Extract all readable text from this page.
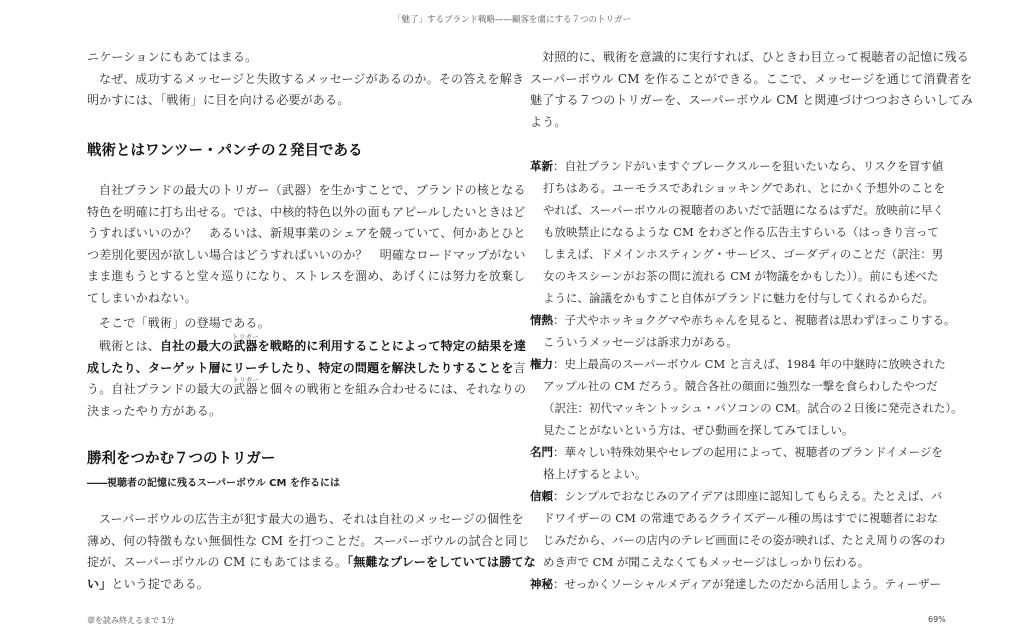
「魅了」するブランド戦略——顧客を虜にする７つのトリガー
ニケーションにもあてはまる。
なぜ、成功するメッセージと失敗するメッセージがあるのか。その答えを解き
明かすには、「戦術」に目を向ける必要がある。
戦術とはワンツー・パンチの２発目である
自社ブランドの最大のトリガー（武器）を生かすことで、ブランドの核となる
特色を明確に打ち出せる。では、中核的特色以外の面もアピールしたいときはど
うすればいいのか？　あるいは、新規事業のシェアを競っていて、何かあとひと
つ差別化要因が欲しい場合はどうすればいいのか？　明確なロードマップがない
まま進もうとすると堂々巡りになり、ストレスを溜め、あげくには努力を放棄し
てしまいかねない。
そこで「戦術」の登場である。
戦術とは、自社の最大の武器
トリガー
を戦略的に利用することによって特定の結果を達
成したり、ターゲット層にリーチしたり、特定の問題を解決したりすることを言
う。自社ブランドの最大の武器
トリガー
と個々の戦術とを組み合わせるには、それなりの
決まったやり方がある。
勝利をつかむ７つのトリガー
――視聴者の記憶に残るスーパーボウル CM を作るには
スーパーボウルの広告主が犯す最大の過ち、それは自社のメッセージの個性を
薄め、何の特徴もない無個性な CM を打つことだ。スーパーボウルの試合と同じ
掟が、スーパーボウルの CM にもあてはまる。「無難なプレーをしていては勝てな
い」という掟である。
対照的に、戦術を意識的に実行すれば、ひときわ目立って視聴者の記憶に残る
スーパーボウル CM を作ることができる。ここで、メッセージを通じて消費者を
魅了する７つのトリガーを、スーパーボウル CM と関連づけつつおさらいしてみ
よう。
革新：自社ブランドがいますぐブレークスルーを狙いたいなら、リスクを冒す値
打ちはある。ユーモラスであれショッキングであれ、とにかく予想外のことを
やれば、スーパーボウルの視聴者のあいだで話題になるはずだ。放映前に早く
も放映禁止になるような CM をわざと作る広告主すらいる（はっきり言って
しまえば、ドメインホスティング・サービス、ゴーダディのことだ（訳注：男
女のキスシーンがお茶の間に流れる CM が物議をかもした））。前にも述べた
ように、論議をかもすこと自体がブランドに魅力を付与してくれるからだ。
情熱：子犬やホッキョクグマや赤ちゃんを見ると、視聴者は思わずほっこりする。
こういうメッセージは訴求力がある。
権力：史上最高のスーパーボウル CM と言えば、1984 年の中継時に放映された
アップル社の CM だろう。競合各社の顔面に強烈な一撃を食らわしたやつだ
（訳注：初代マッキントッシュ・パソコンの CM。試合の２日後に発売された）。
見たことがないという方は、ぜひ動画を探してみてほしい。
名門：華々しい特殊効果やセレブの起用によって、視聴者のブランドイメージを
格上げするとよい。
信頼：シンプルでおなじみのアイデアは即座に認知してもらえる。たとえば、バ
ドワイザーの CM の常連であるクライズデール種の馬はすでに視聴者におな
じみだから、バーの店内のテレビ画面にその姿が映れば、たとえ周りの客のわ
めき声で CM が聞こえなくてもメッセージはしっかり伝わる。
神秘：せっかくソーシャルメディアが発達したのだから活用しよう。ティーザー
章を読み終えるまで 1分	69%
